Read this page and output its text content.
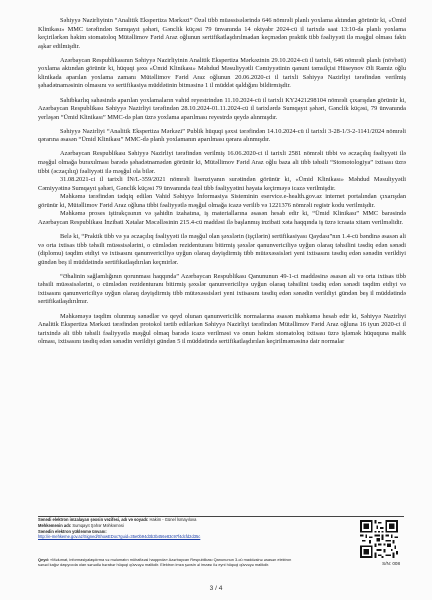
Səhiyyə Nazirliyinin “Analitik Ekspertiza Mərkəzi” Özəl tibb müəssisələrində 646 nömrəli planlı yoxlama aktından görünür ki, «Ümid Klinikası» MMC tərəfindən Sumqayıt şəhəri, Gənclik küçəsi 79 ünvanında 14 oktyabr 2024-cü il tarixdə saat 13:10-da planlı yoxlama keçirilərkən həkim stomatoloq Mütəllimov Fərid Araz oğlunun sertifikatlaşdırılmadan keçmədən praktik tibb fəaliyyəti ilə məşğul olması faktı aşkar edilmişdir.

Azərbaycan Respublikasının Səhiyyə Nazirliyinin Analitik Ekspertiza Mərkəzinin 29.10.2024-cü il tarixli, 646 nömrəli planlı (növbəti) yoxlama aktından görünür ki, hüquqi şəxs «Ümid Klinikası» Məhdud Məsuliyyətli Cəmiyyətinin qanuni təmsilçisi Hüseynov Əli Ramiz oğlu klinikada aparılan yoxlama zamanı Mütəllimov Fərid Araz oğlunun 20.06.2020-ci il tarixli Səhiyyə Nazirliyi tərəfindən verilmiş şəhadətnaməsinin olmasını və sertifikasiya müddətinin bitməsinə 1 il müddət qaldığını bildirmişdir.

Sahibkarlıq sahəsində aparılan yoxlamaların vahid reyestrindən 11.10.2024-cü il tarixli KY2421298104 nömrəli çıxarışdan görünür ki, Azərbaycan Respublikası Səhiyyə Nazirliyi tərəfindən 28.10.2024-01.11.2024-cü il tarixlərdə Sumqayıt şəhəri, Gənclik küçəsi, 79 ünvanında yerləşən “Ümid Klinikası” MMC-də plan üzrə yoxlama aparılması reyestrdə qeydə alınmışdır.

Səhiyyə Nazirliyi “Analitik Ekspertiza Mərkəzi” Publik hüquqi şəxsi tərəfindən 14.10.2024-cü il tarixli 3-28-1/3-2-1141/2024 nömrəli qərarına əsasən “Ümid Klinikası” MMC-də planlı yoxlamanın aparılması qərara alınmışdır.

Azərbaycan Respublikası Səhiyyə Nazirliyi tərəfindən verilmiş 16.06.2020-ci il tarixli 2581 nömrəli tibbi və əczaçılıq fəaliyyəti ilə məşğul olmağa buraxılması barədə şəhadətnamədən görünür ki, Mütəllimov Fərid Araz oğlu baza ali tibb təhsili “Stomotologiya” ixtisası üzrə tibbi (əczaçılıq) fəaliyyəti ilə məşğul ola bilər.

31.08.2021-ci il tarixli İN/L-359/2021 nömrəli lisenziyanın surətindən görünür ki, «Ümid Klinikası» Məhdud Məsuliyyətli Cəmiyyətinə Sumqayıt şəhəri, Gənclik küçəsi 79 ünvanında özəl tibb fəaliyyətini həyata keçirməyə icazə verilmişdir.

Məhkəmə tərəfindən tədqiq edilən Vahid Səhiyyə İnformasiya Sisteminin eservice.e-health.gov.az internet portalından çıxarışdan görünür ki, Mütəllimov Fərid Araz oğluna tibbi fəaliyyətlə məşğul olmağa icazə verilib və 1221376 nömrəli registr kodu verilmişdir.

Məhkəmə proses iştirakçısının və şahidin izahatına, iş materiallarına əsasən hesab edir ki, “Ümid Klinikası” MMC barəsində Azərbaycan Respublikası İnzibati Xətalar Məcəlləsinin 215.4-cü maddəsi ilə başlanmış inzibati xəta haqqında iş üzrə icraata xitam verilməlidir.

Belə ki, “Praktik tibb və ya əczaçılıq fəaliyyəti ilə məşğul olan şəxslərin (işçilərin) sertifikasiyası Qaydası”nın 1.4-cü bəndinə əsasən ali və orta ixtisas tibb təhsili müəssisələrini, o cümlədən rezidenturanı bitirmiş şəxslər qanunvericiliyə uyğun olaraq təhsilini təsdiq edən sənədi (diplomu) təqdim etdiyi və ixtisasını qanunvericiliyə uyğun olaraq dəyişdirmiş tibb mütəxəssisləri yeni ixtisasını təsdiq edən sənədin verildiyi gündən beş il müddətində sertifikatlaşdırılan keçmirlər.

“Əhalinin sağlamlığının qorunması haqqında” Azərbaycan Respublikası Qanununun 49-1-ci maddəsinə əsasən ali və orta ixtisas tibb təhsili müəssisələrini, o cümlədən rezidenturanı bitirmiş şəxslər qanunvericiliyə uyğun olaraq təhsilini təsdiq edən sənədi təqdim etdiyi və ixtisasını qanunvericiliyə uyğun olaraq dəyişdirmiş tibb mütəxəssisləri yeni ixtisasını təsdiq edən sənədin verildiyi gündən beş il müddətində sertifikatlaşdırılmır.

Məhkəməyə təqdim olunmuş sənədlər və qeyd olunan qanunvericilik normalarına əsasən məhkəmə hesab edir ki, Səhiyyə Nazirliyi Analitik Ekspertiza Mərkəzi tərəfindən protokol tərtib edilərkən Səhiyyə Nazirliyi tərəfindən Mütəllimov Fərid Araz oğluna 16 iyun 2020-ci il tarixində ali tibb təhsili fəaliyyətlə məşğul olmaq barədə icazə verilməsi və onun həkim stomatoloq ixtisası üzrə işləmək hüququna malik olması, ixtisasını təsdiq edən sənədin verildiyi gündən 5 il müddətində sertifikatlaşdırılan keçirilməməsinə dair normalar

Sənədi elektron imzalayan şəxsin vəzifəsi, adı və soyadı: Hakim - Günel İsmayılova
Məhkəmənin adı: Sumqayıt Şəhər Məhkəməsi
Sənədin elektron yüklənmə ünvanı:
http://e-mehkeme.gov.az/Signed/ShowEDoc?guid=35e0b94d3b3b456e83c97f4dcfd2d35c
Qeyd: «Məlumat, informasiyalaşdırma və məlumatın mühafizəsi haqqında» Azərbaycan Respublikası Qanununun 3-cü maddəsinə əsasən elektron sənəd kağız daşıyıcıda olan sənədlə bərabər hüquqi qüvvəyə malikdir. Elektron imza şəxsin əl imzası ilə eyni hüquqi qüvvəyə malikdir.	S/N: 008
3 / 4
